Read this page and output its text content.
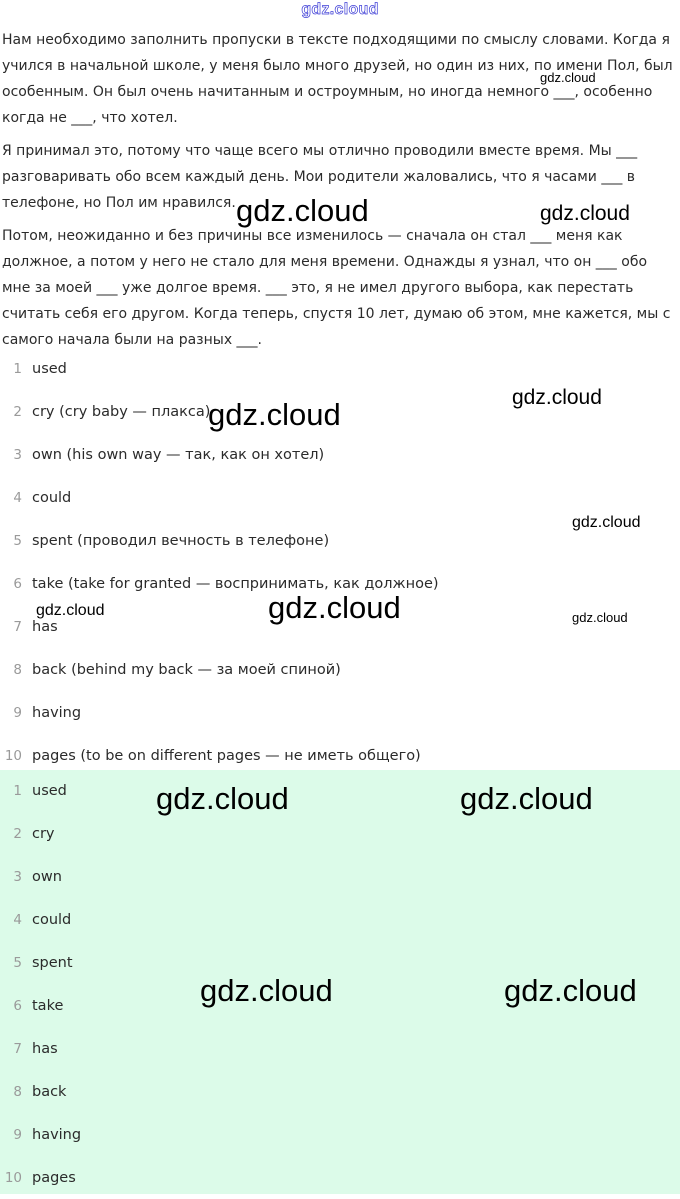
gdz.cloud

Нам необходимо заполнить пропуски в тексте подходящими по смыслу словами. Когда я учился в начальной школе, у меня было много друзей, но один из них, по имени Пол, был особенным. Он был очень начитанным и остроумным, но иногда немного ___, особенно когда не ___, что хотел.

Я принимал это, потому что чаще всего мы отлично проводили вместе время. Мы ___ разговаривать обо всем каждый день. Мои родители жаловались, что я часами ___ в телефоне, но Пол им нравился.

Потом, неожиданно и без причины все изменилось — сначала он стал ___ меня как должное, а потом у него не стало для меня времени. Однажды я узнал, что он ___ обо мне за моей ___ уже долгое время. ___ это, я не имел другого выбора, как перестать считать себя его другом. Когда теперь, спустя 10 лет, думаю об этом, мне кажется, мы с самого начала были на разных ___.

1 used
2 cry (cry baby — плакса)
3 own (his own way — так, как он хотел)
4 could
5 spent (проводил вечность в телефоне)
6 take (take for granted — воспринимать, как должное)
7 has
8 back (behind my back — за моей спиной)
9 having
10 pages (to be on different pages — не иметь общего)
1 used
2 cry
3 own
4 could
5 spent
6 take
7 has
8 back
9 having
10 pages
gdz.cloud
gdz.cloud	gdz.cloud
gdz.cloud	gdz.cloud
gdz.cloud
gdz.cloud	gdz.cloud	gdz.cloud
gdz.cloud	gdz.cloud
gdz.cloud	gdz.cloud
